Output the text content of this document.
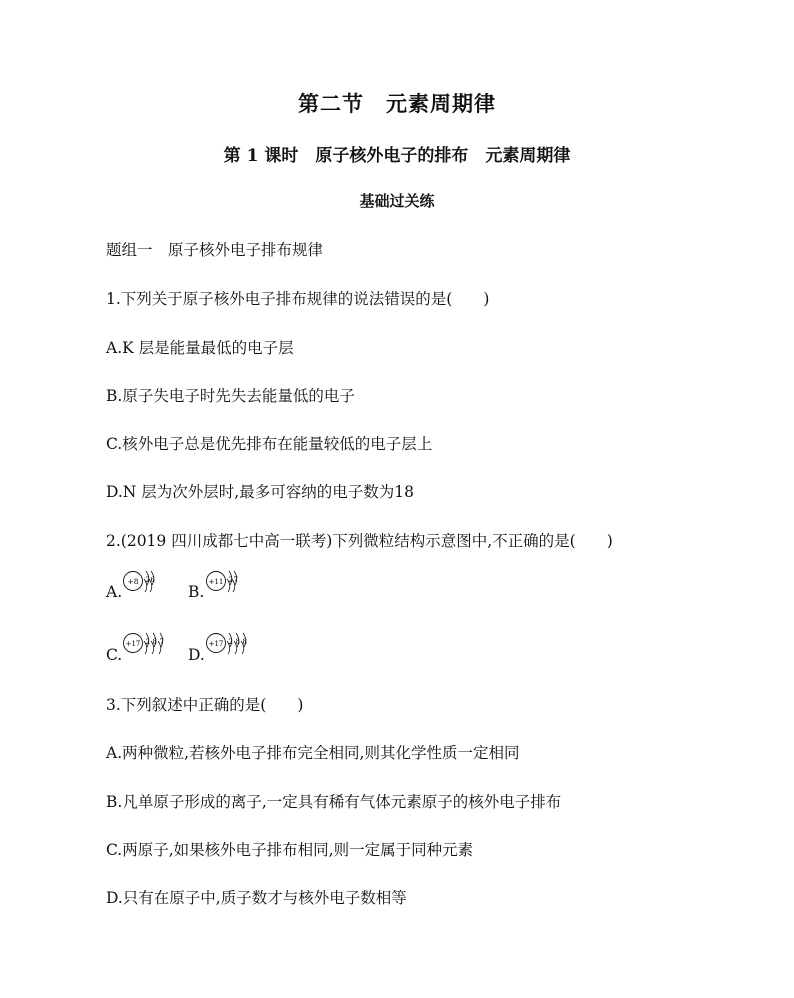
第二节　元素周期律
第 1 课时　原子核外电子的排布　元素周期律
基础过关练
题组一　原子核外电子排布规律
1.下列关于原子核外电子排布规律的说法错误的是(　　)
A.K 层是能量最低的电子层
B.原子失电子时先失去能量低的电子
C.核外电子总是优先排布在能量较低的电子层上
D.N 层为次外层时,最多可容纳的电子数为18
2.(2019 四川成都七中高一联考)下列微粒结构示意图中,不正确的是(　　)
A.
+8 2 6
B.
+11 2 7
C.
+17 2 8 7
D.
+17 2 8 8
3.下列叙述中正确的是(　　)
A.两种微粒,若核外电子排布完全相同,则其化学性质一定相同
B.凡单原子形成的离子,一定具有稀有气体元素原子的核外电子排布
C.两原子,如果核外电子排布相同,则一定属于同种元素
D.只有在原子中,质子数才与核外电子数相等
